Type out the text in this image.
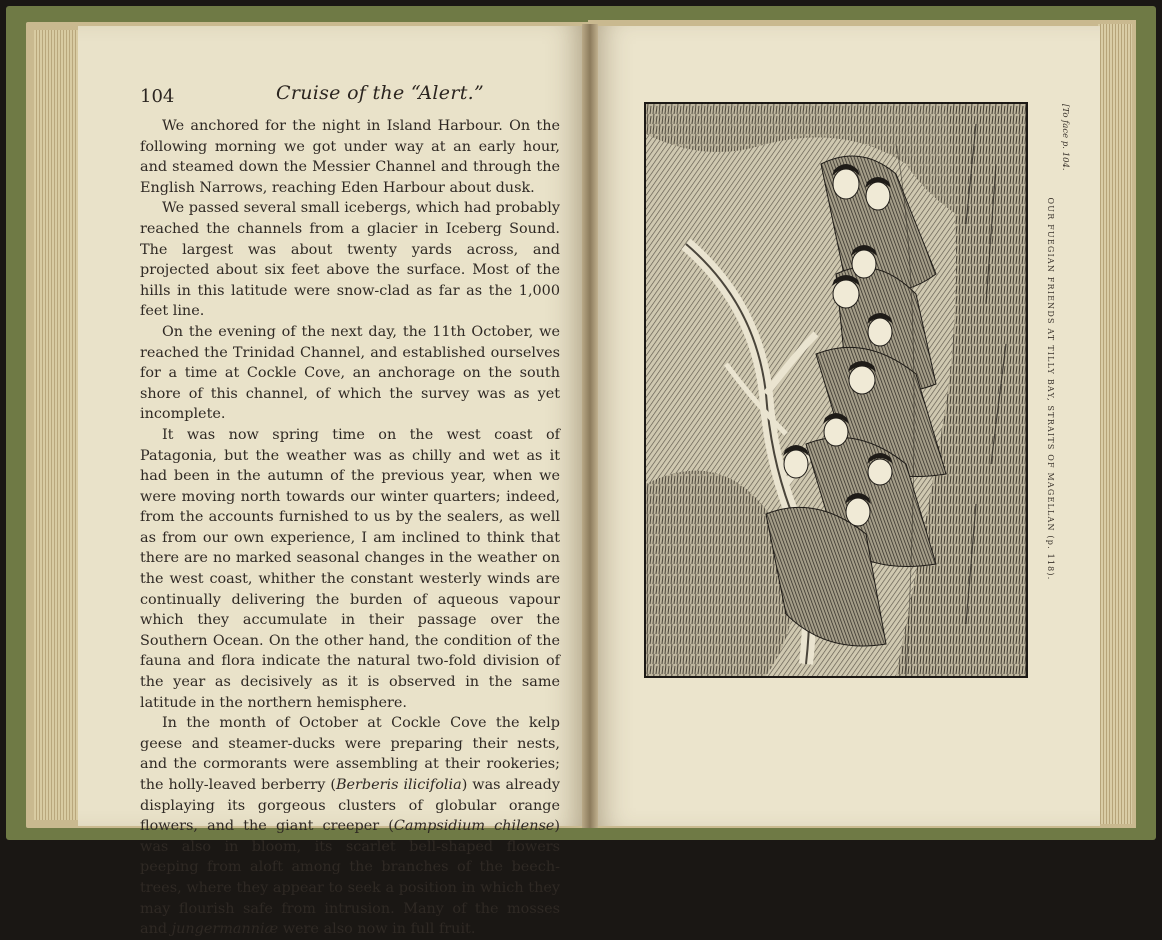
104	Cruise of the “Alert.”

We anchored for the night in Island Harbour. On the following morning we got under way at an early hour, and steamed down the Messier Channel and through the English Narrows, reaching Eden Harbour about dusk.

We passed several small icebergs, which had probably reached the channels from a glacier in Iceberg Sound. The largest was about twenty yards across, and projected about six feet above the surface. Most of the hills in this latitude were snow-clad as far as the 1,000 feet line.

On the evening of the next day, the 11th October, we reached the Trinidad Channel, and established ourselves for a time at Cockle Cove, an anchorage on the south shore of this channel, of which the survey was as yet incomplete.

It was now spring time on the west coast of Patagonia, but the weather was as chilly and wet as it had been in the autumn of the previous year, when we were moving north towards our winter quarters; indeed, from the accounts furnished to us by the sealers, as well as from our own experience, I am inclined to think that there are no marked seasonal changes in the weather on the west coast, whither the constant westerly winds are continually delivering the burden of aqueous vapour which they accumulate in their passage over the Southern Ocean. On the other hand, the condition of the fauna and flora indicate the natural two-fold division of the year as decisively as it is observed in the same latitude in the northern hemisphere.

In the month of October at Cockle Cove the kelp geese and steamer-ducks were preparing their nests, and the cormorants were assembling at their rookeries; the holly-leaved berberry (Berberis ilicifolia) was already displaying its gorgeous clusters of globular orange flowers, and the giant creeper (Campsidium chilense) was also in bloom, its scarlet bell-shaped flowers peeping from aloft among the branches of the beech-trees, where they appear to seek a position in which they may flourish safe from intrusion. Many of the mosses and jungermanniæ were also now in full fruit.

OUR FUEGIAN FRIENDS AT TILLY BAY, STRAITS OF MAGELLAN (p. 118).
[To face p. 104.
